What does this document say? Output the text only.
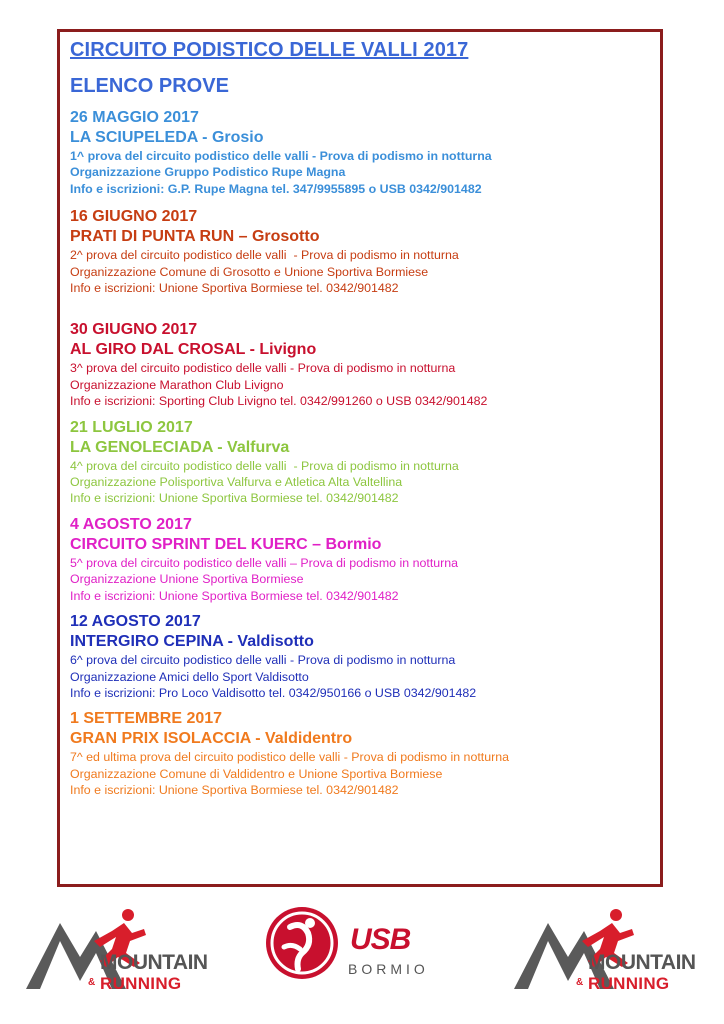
CIRCUITO PODISTICO DELLE VALLI 2017
ELENCO PROVE
26 MAGGIO 2017
LA SCIUPELEDA - Grosio
1^ prova del circuito podistico delle valli - Prova di podismo in notturna
Organizzazione Gruppo Podistico Rupe Magna
Info e iscrizioni: G.P. Rupe Magna tel. 347/9955895 o USB 0342/901482
16 GIUGNO 2017
PRATI DI PUNTA RUN – Grosotto
2^ prova del circuito podistico delle valli  - Prova di podismo in notturna
Organizzazione Comune di Grosotto e Unione Sportiva Bormiese
Info e iscrizioni: Unione Sportiva Bormiese tel. 0342/901482
30 GIUGNO 2017
AL GIRO DAL CROSAL - Livigno
3^ prova del circuito podistico delle valli - Prova di podismo in notturna
Organizzazione Marathon Club Livigno
Info e iscrizioni: Sporting Club Livigno tel. 0342/991260 o USB 0342/901482
21 LUGLIO 2017
LA GENOLECIADA - Valfurva
4^ prova del circuito podistico delle valli  - Prova di podismo in notturna
Organizzazione Polisportiva Valfurva e Atletica Alta Valtellina
Info e iscrizioni: Unione Sportiva Bormiese tel. 0342/901482
4 AGOSTO 2017
CIRCUITO SPRINT DEL KUERC – Bormio
5^ prova del circuito podistico delle valli – Prova di podismo in notturna
Organizzazione Unione Sportiva Bormiese
Info e iscrizioni: Unione Sportiva Bormiese tel. 0342/901482
12 AGOSTO 2017
INTERGIRO CEPINA - Valdisotto
6^ prova del circuito podistico delle valli - Prova di podismo in notturna
Organizzazione Amici dello Sport Valdisotto
Info e iscrizioni: Pro Loco Valdisotto tel. 0342/950166 o USB 0342/901482
1 SETTEMBRE 2017
GRAN PRIX ISOLACCIA - Valdidentro
7^ ed ultima prova del circuito podistico delle valli - Prova di podismo in notturna
Organizzazione Comune di Valdidentro e Unione Sportiva Bormiese
Info e iscrizioni: Unione Sportiva Bormiese tel. 0342/901482
MOUNTAIN
& RUNNING
USB
BORMIO	MOUNTAIN
& RUNNING
